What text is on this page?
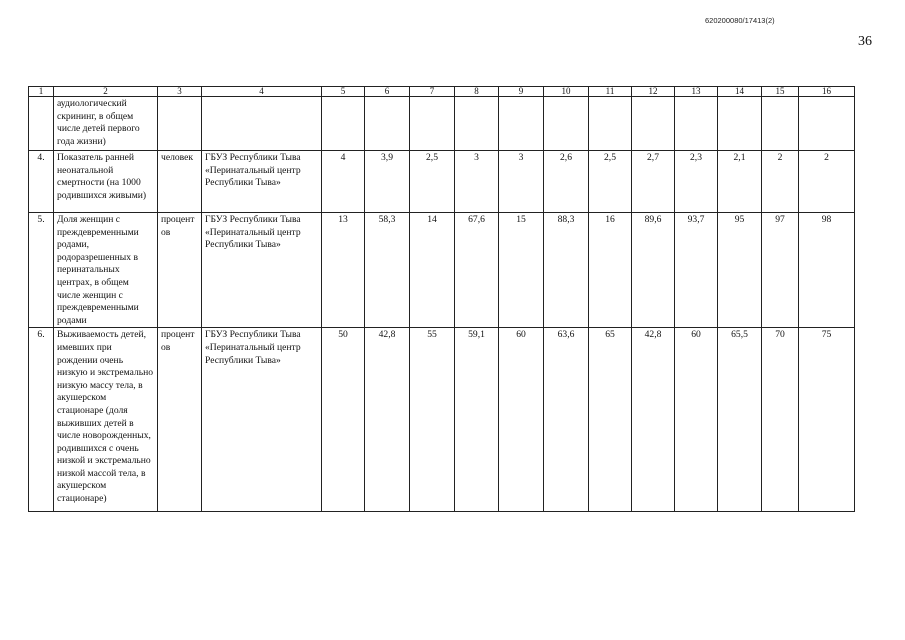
620200080/17413(2)
36
1	2	3	4	5	6	7	8	9	10	11	12	13	14	15	16
	аудиологический скрининг, в общем числе детей первого года жизни)														
4.	Показатель ранней неонатальной смертности (на 1000 родившихся живыми)	человек	ГБУЗ Республики Тыва «Перинатальный центр Республики Тыва»	4	3,9	2,5	3	3	2,6	2,5	2,7	2,3	2,1	2	2
5.	Доля женщин с преждевременными родами, родоразрешенных в перинатальных центрах, в общем числе женщин с преждевременными родами	процентов	ГБУЗ Республики Тыва «Перинатальный центр Республики Тыва»	13	58,3	14	67,6	15	88,3	16	89,6	93,7	95	97	98
6.	Выживаемость детей, имевших при рождении очень низкую и экстремально низкую массу тела, в акушерском стационаре (доля выживших детей в числе новорожденных, родившихся с очень низкой и экстремально низкой массой тела, в акушерском стационаре)	процентов	ГБУЗ Республики Тыва «Перинатальный центр Республики Тыва»	50	42,8	55	59,1	60	63,6	65	42,8	60	65,5	70	75
